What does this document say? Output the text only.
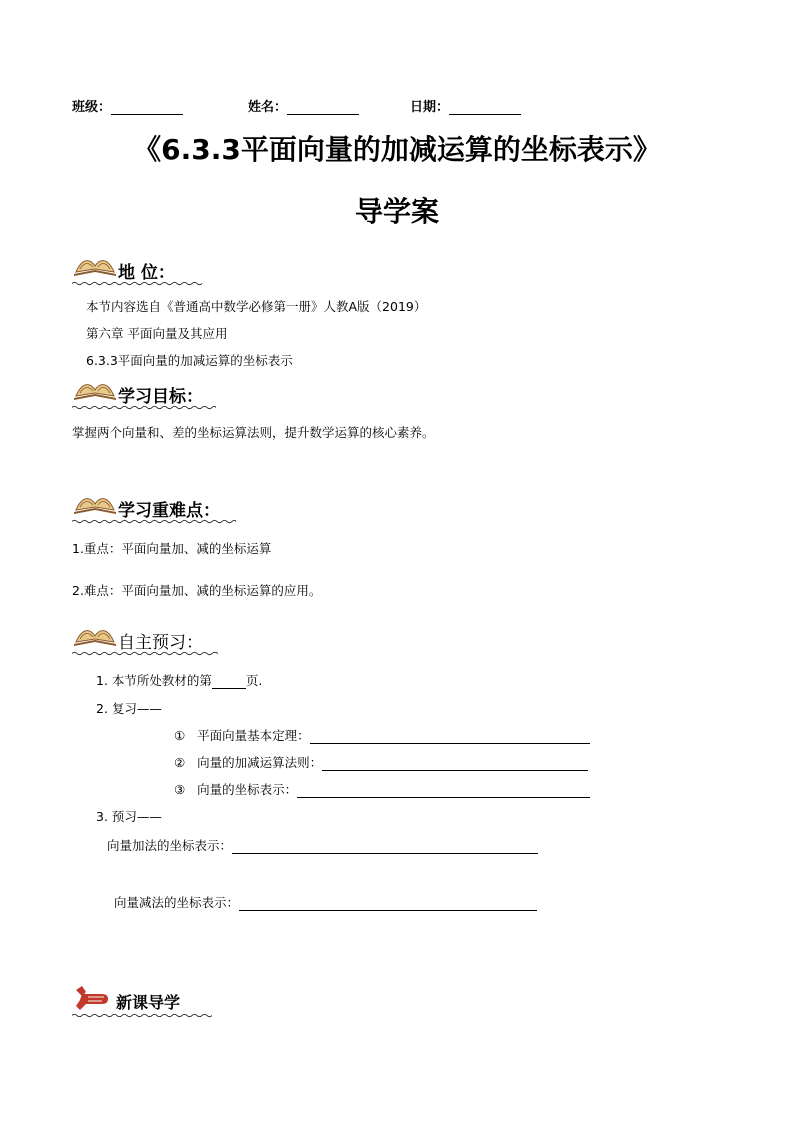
班级：	姓名：	日期：
《6.3.3平面向量的加减运算的坐标表示》
导学案
地 位：
本节内容选自《普通高中数学必修第一册》人教A版（2019）
第六章 平面向量及其应用
6.3.3平面向量的加减运算的坐标表示
学习目标：
掌握两个向量和、差的坐标运算法则，提升数学运算的核心素养。
学习重难点：
1.重点：平面向量加、减的坐标运算
2.难点：平面向量加、减的坐标运算的应用。
自主预习：
1. 本节所处教材的第	页.
2. 复习——
① 平面向量基本定理：
② 向量的加减运算法则：
③ 向量的坐标表示：
3. 预习——
向量加法的坐标表示：
向量减法的坐标表示：
新课导学
